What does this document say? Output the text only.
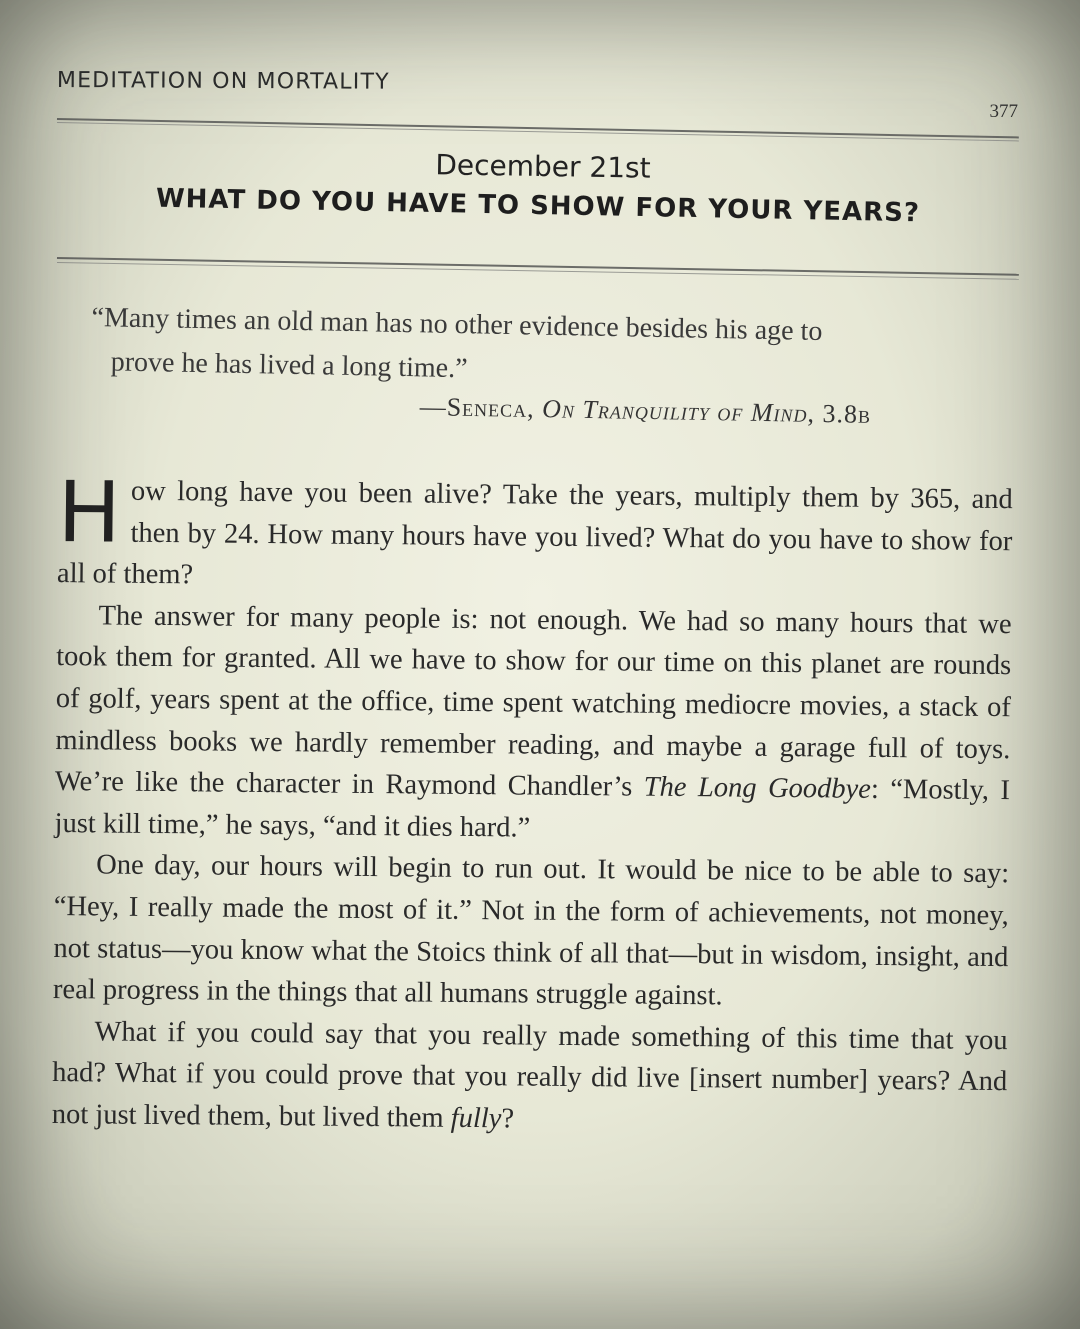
MEDITATION ON MORTALITY
377
December 21st
WHAT DO YOU HAVE TO SHOW FOR YOUR YEARS?
“Many times an old man has no other evidence besides his age to
prove he has lived a long time.”
—Seneca, On Tranquility of Mind, 3.8b

How long have you been alive? Take the years, multiply them by 365, and then by 24. How many hours have you lived? What do you have to show for all of them?

The answer for many people is: not enough. We had so many hours that we took them for granted. All we have to show for our time on this planet are rounds of golf, years spent at the office, time spent watching mediocre movies, a stack of mindless books we hardly remember reading, and maybe a garage full of toys. We’re like the character in Raymond Chandler’s The Long Goodbye: “Mostly, I just kill time,” he says, “and it dies hard.”

One day, our hours will begin to run out. It would be nice to be able to say: “Hey, I really made the most of it.” Not in the form of achievements, not money, not status—you know what the Stoics think of all that—but in wisdom, insight, and real progress in the things that all humans struggle against.

What if you could say that you really made something of this time that you had? What if you could prove that you really did live [insert number] years? And not just lived them, but lived them fully?
